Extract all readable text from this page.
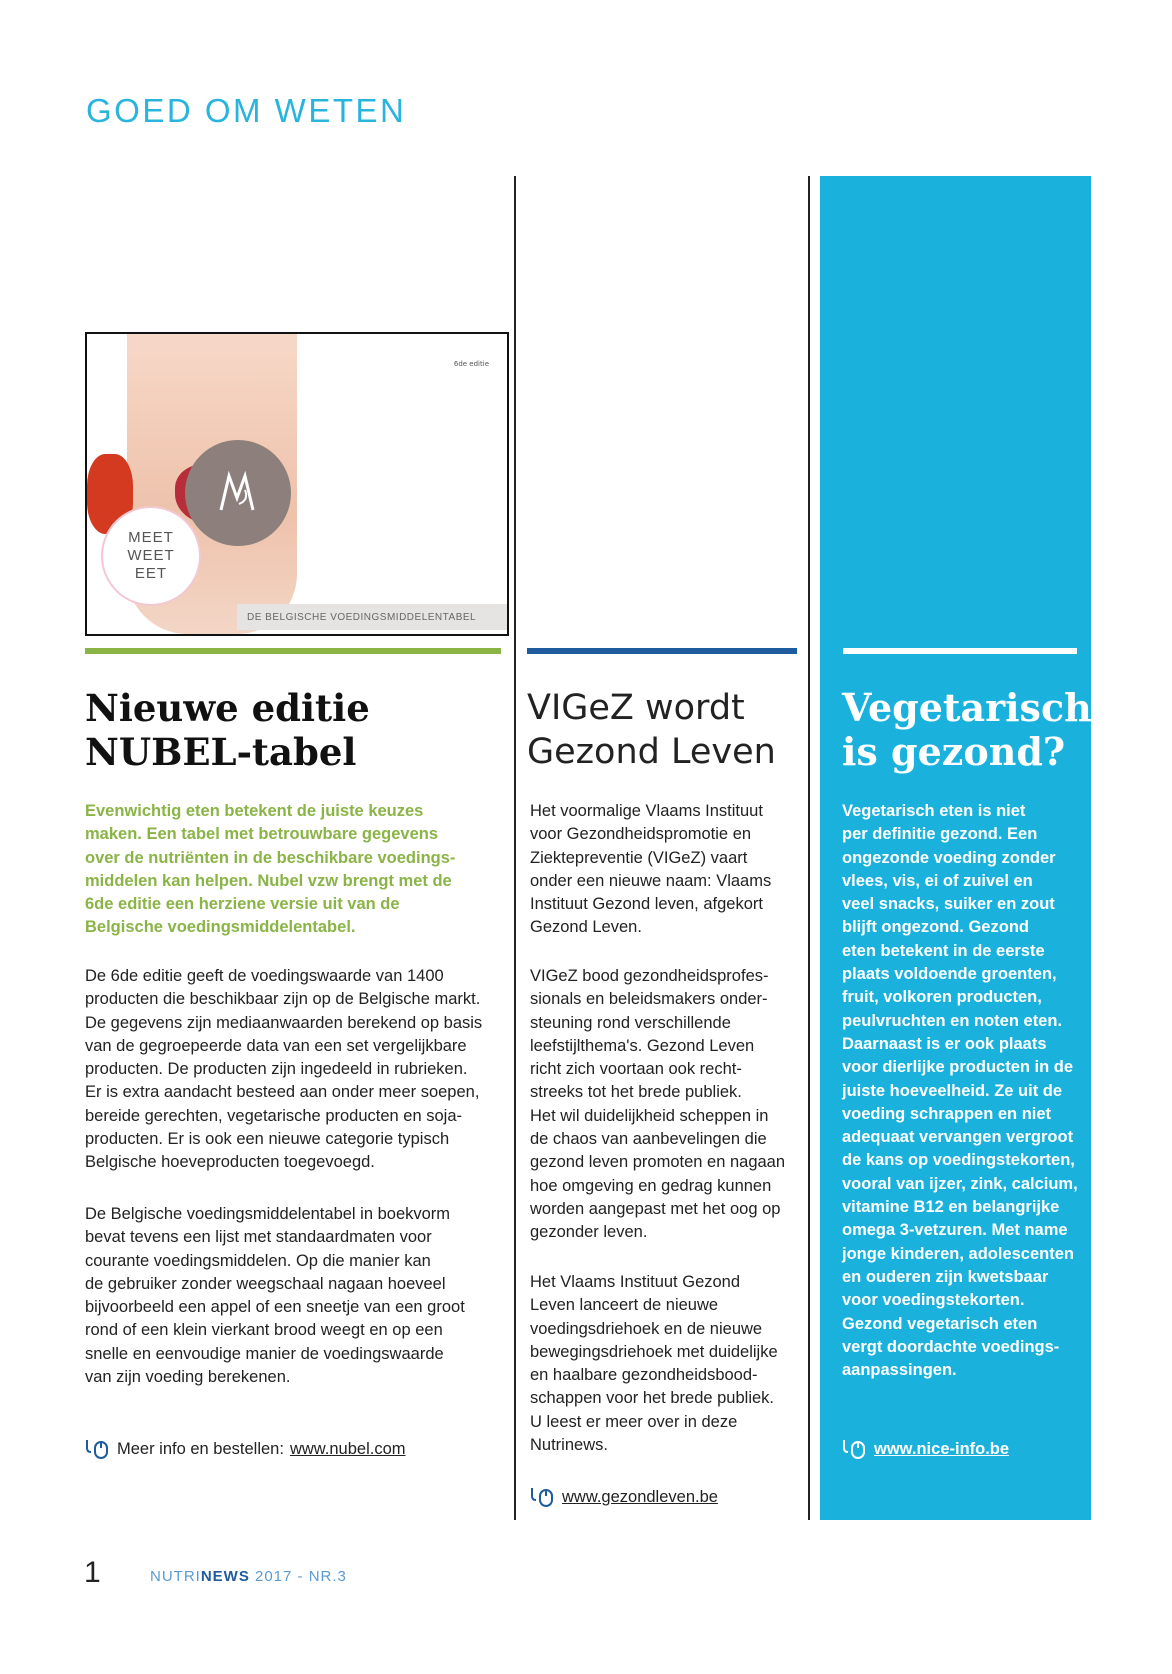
GOED OM WETEN
MEET
WEET
EET
6de editie
DE BELGISCHE VOEDINGSMIDDELENTABEL
Nieuwe editie
NUBEL-tabel
Evenwichtig eten betekent de juiste keuzes
maken. Een tabel met betrouwbare gegevens
over de nutriënten in de beschikbare voedings-
middelen kan helpen. Nubel vzw brengt met de
6de editie een herziene versie uit van de
Belgische voedingsmiddelentabel.
De 6de editie geeft de voedingswaarde van 1400
producten die beschikbaar zijn op de Belgische markt.
De gegevens zijn mediaanwaarden berekend op basis
van de gegroepeerde data van een set vergelijkbare
producten. De producten zijn ingedeeld in rubrieken.
Er is extra aandacht besteed aan onder meer soepen,
bereide gerechten, vegetarische producten en soja-
producten. Er is ook een nieuwe categorie typisch
Belgische hoeveproducten toegevoegd.
De Belgische voedingsmiddelentabel in boekvorm
bevat tevens een lijst met standaardmaten voor
courante voedingsmiddelen. Op die manier kan
de gebruiker zonder weegschaal nagaan hoeveel
bijvoorbeeld een appel of een sneetje van een groot
rond of een klein vierkant brood weegt en op een
snelle en eenvoudige manier de voedingswaarde
van zijn voeding berekenen.
Meer info en bestellen: www.nubel.com
VIGeZ wordt
Gezond Leven
Het voormalige Vlaams Instituut
voor Gezondheidspromotie en
Ziektepreventie (VIGeZ) vaart
onder een nieuwe naam: Vlaams
Instituut Gezond leven, afgekort
Gezond Leven.
VIGeZ bood gezondheidsprofes-
sionals en beleidsmakers onder-
steuning rond verschillende
leefstijlthema's. Gezond Leven
richt zich voortaan ook recht-
streeks tot het brede publiek.
Het wil duidelijkheid scheppen in
de chaos van aanbevelingen die
gezond leven promoten en nagaan
hoe omgeving en gedrag kunnen
worden aangepast met het oog op
gezonder leven.
Het Vlaams Instituut Gezond
Leven lanceert de nieuwe
voedingsdriehoek en de nieuwe
bewegingsdriehoek met duidelijke
en haalbare gezondheidsbood-
schappen voor het brede publiek.
U leest er meer over in deze
Nutrinews.
www.gezondleven.be
Vegetarisch
is gezond?
Vegetarisch eten is niet
per definitie gezond. Een
ongezonde voeding zonder
vlees, vis, ei of zuivel en
veel snacks, suiker en zout
blijft ongezond. Gezond
eten betekent in de eerste
plaats voldoende groenten,
fruit, volkoren producten,
peulvruchten en noten eten.
Daarnaast is er ook plaats
voor dierlijke producten in de
juiste hoeveelheid. Ze uit de
voeding schrappen en niet
adequaat vervangen vergroot
de kans op voedingstekorten,
vooral van ijzer, zink, calcium,
vitamine B12 en belangrijke
omega 3-vetzuren. Met name
jonge kinderen, adolescenten
en ouderen zijn kwetsbaar
voor voedingstekorten.
Gezond vegetarisch eten
vergt doordachte voedings-
aanpassingen.
www.nice-info.be
1	NUTRINEWS 2017 - NR.3
